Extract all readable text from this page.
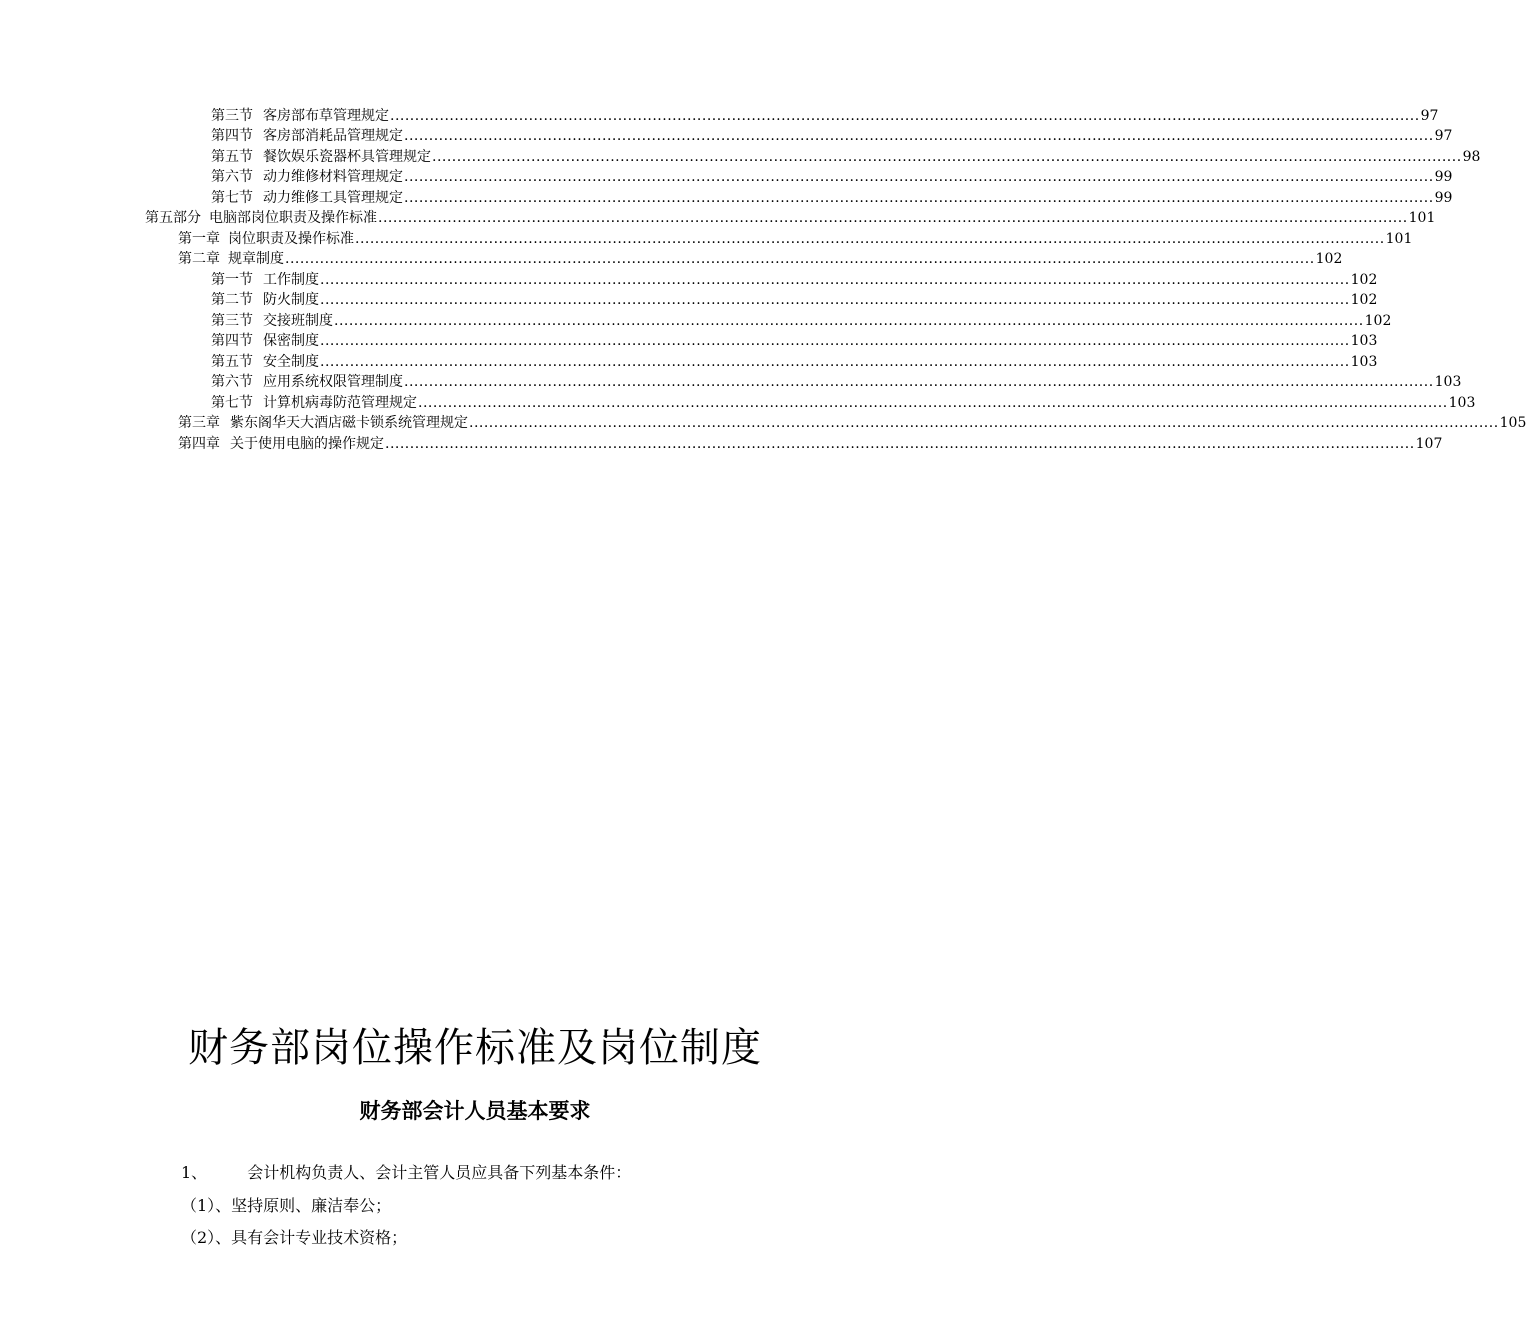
第三节 客房部布草管理规定 ................................................................................................................................................................................................................ 97
第四节 客房部消耗品管理规定 ................................................................................................................................................................................................................ 97
第五节 餐饮娱乐瓷器杯具管理规定 ................................................................................................................................................................................................................ 98
第六节 动力维修材料管理规定 ................................................................................................................................................................................................................ 99
第七节 动力维修工具管理规定 ................................................................................................................................................................................................................ 99
第五部分 电脑部岗位职责及操作标准 ................................................................................................................................................................................................................ 101
第一章 岗位职责及操作标准 ................................................................................................................................................................................................................ 101
第二章 规章制度 ................................................................................................................................................................................................................ 102
第一节 工作制度 ................................................................................................................................................................................................................ 102
第二节 防火制度 ................................................................................................................................................................................................................ 102
第三节 交接班制度 ................................................................................................................................................................................................................ 102
第四节 保密制度 ................................................................................................................................................................................................................ 103
第五节 安全制度 ................................................................................................................................................................................................................ 103
第六节 应用系统权限管理制度 ................................................................................................................................................................................................................ 103
第七节 计算机病毒防范管理规定 ................................................................................................................................................................................................................ 103
第三章 紫东阁华天大酒店磁卡锁系统管理规定 ................................................................................................................................................................................................................ 105
第四章 关于使用电脑的操作规定 ................................................................................................................................................................................................................ 107
财务部岗位操作标准及岗位制度
财务部会计人员基本要求
1、	会计机构负责人、会计主管人员应具备下列基本条件：
（1）、坚持原则、廉洁奉公；
（2）、具有会计专业技术资格；
